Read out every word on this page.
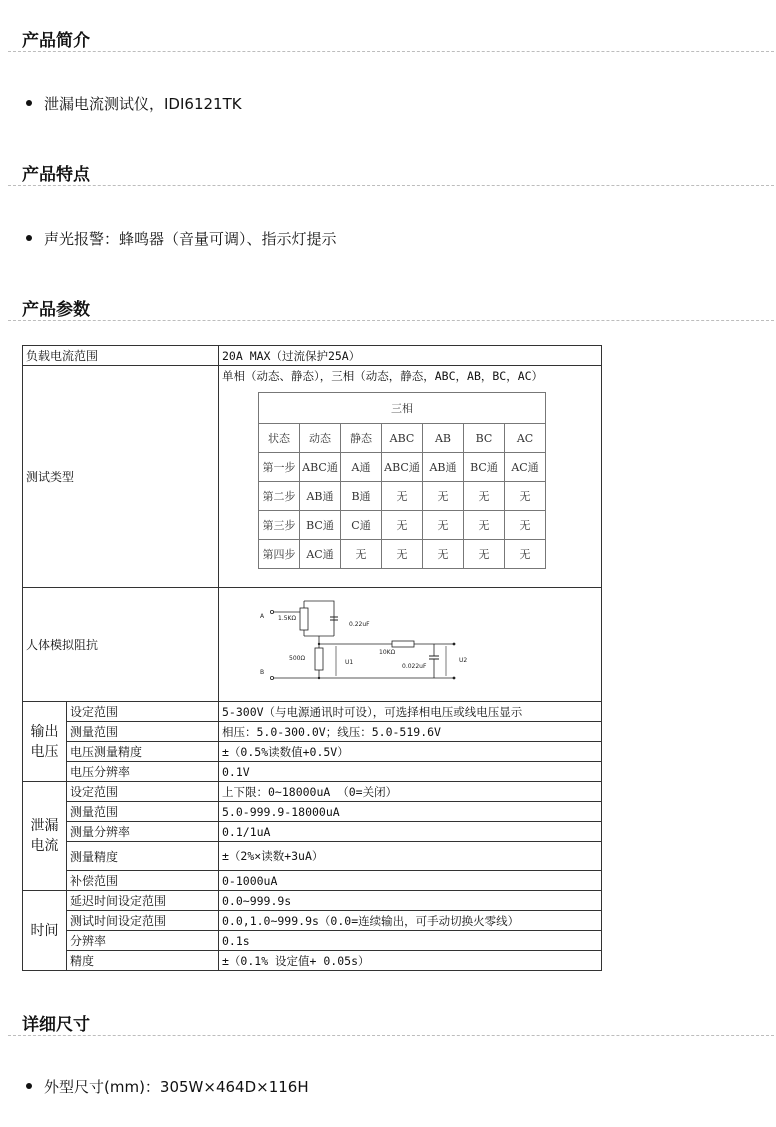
产品简介
泄漏电流测试仪，IDI6121TK
产品特点
声光报警：蜂鸣器（音量可调）、指示灯提示
产品参数
负载电流范围	20A MAX（过流保护25A）
测试类型	
单相（动态、静态），三相（动态，静态，ABC，AB，BC，AC）
三相
状态	动态	静态	ABC	AB	BC	AC
第一步	ABC通	A通	ABC通	AB通	BC通	AC通
第二步	AB通	B通	无	无	无	无
第三步	BC通	C通	无	无	无	无
第四步	AC通	无	无	无	无	无

人体模拟阻抗	
A 1.5KΩ
0.22uF
500Ω
10KΩ
U1
0.022uF
U2
B

输出电压	设定范围	5-300V（与电源通讯时可设），可选择相电压或线电压显示
测量范围	相压：5.0-300.0V；线压：5.0-519.6V
电压测量精度	±（0.5%读数值+0.5V）
电压分辨率	0.1V
泄漏电流	设定范围	上下限：0~18000uA （0=关闭）
测量范围	5.0-999.9-18000uA
测量分辨率	0.1/1uA
测量精度	±（2%×读数+3uA）
补偿范围	0-1000uA
时间	延迟时间设定范围	0.0~999.9s
测试时间设定范围	0.0,1.0~999.9s（0.0=连续输出，可手动切换火零线）
分辨率	0.1s
精度	±（0.1% 设定值+ 0.05s）
详细尺寸
外型尺寸(mm)：305W×464D×116H
